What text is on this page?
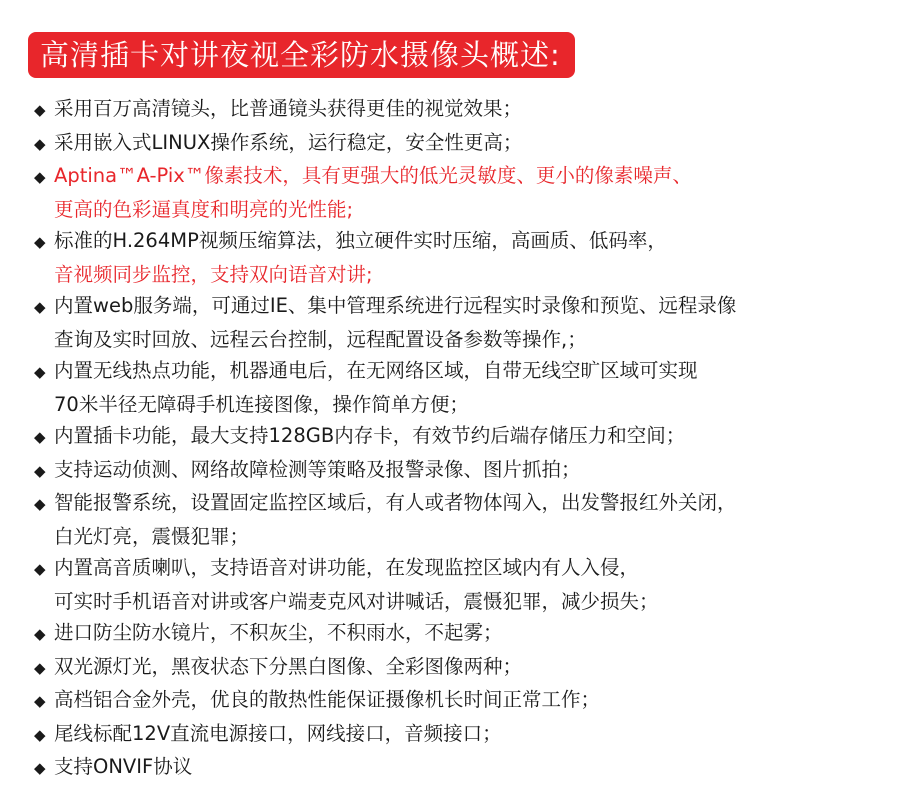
高清插卡对讲夜视全彩防水摄像头概述:
◆ 采用百万高清镜头，比普通镜头获得更佳的视觉效果；
◆ 采用嵌入式LINUX操作系统，运行稳定，安全性更高；
◆ Aptina™A-Pix™像素技术，具有更强大的低光灵敏度、更小的像素噪声、
更高的色彩逼真度和明亮的光性能;
◆ 标准的H.264MP视频压缩算法，独立硬件实时压缩，高画质、低码率，
音视频同步监控，支持双向语音对讲;
◆ 内置web服务端，可通过IE、集中管理系统进行远程实时录像和预览、远程录像
查询及实时回放、远程云台控制，远程配置设备参数等操作,；
◆ 内置无线热点功能，机器通电后，在无网络区域，自带无线空旷区域可实现
70米半径无障碍手机连接图像，操作简单方便；
◆ 内置插卡功能，最大支持128GB内存卡，有效节约后端存储压力和空间；
◆ 支持运动侦测、网络故障检测等策略及报警录像、图片抓拍；
◆ 智能报警系统，设置固定监控区域后，有人或者物体闯入，出发警报红外关闭，
白光灯亮，震慑犯罪；
◆ 内置高音质喇叭，支持语音对讲功能，在发现监控区域内有人入侵，
可实时手机语音对讲或客户端麦克风对讲喊话，震慑犯罪，减少损失；
◆ 进口防尘防水镜片，不积灰尘，不积雨水，不起雾；
◆ 双光源灯光，黑夜状态下分黑白图像、全彩图像两种；
◆ 高档铝合金外壳，优良的散热性能保证摄像机长时间正常工作；
◆ 尾线标配12V直流电源接口，网线接口，音频接口；
◆ 支持ONVIF协议
